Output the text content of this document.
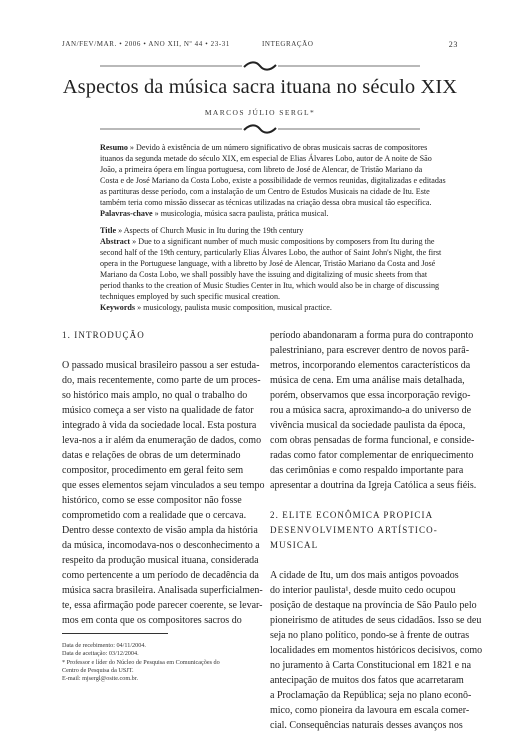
JAN/FEV/MAR. • 2006 • ANO XII, Nº 44 • 23-31	INTEGRAÇÃO	23
Aspectos da música sacra ituana no século XIX
MARCOS JÚLIO SERGL*
Resumo » Devido à existência de um número significativo de obras musicais sacras de compositores
ituanos da segunda metade do século XIX, em especial de Elias Álvares Lobo, autor de A noite de São
João, a primeira ópera em língua portuguesa, com libreto de José de Alencar, de Tristão Mariano da
Costa e de José Mariano da Costa Lobo, existe a possibilidade de vermos reunidas, digitalizadas e editadas
as partituras desse período, com a instalação de um Centro de Estudos Musicais na cidade de Itu. Este
também teria como missão dissecar as técnicas utilizadas na criação dessa obra musical tão específica.
Palavras-chave » musicologia, música sacra paulista, prática musical.
Title » Aspects of Church Music in Itu during the 19th century
Abstract » Due to a significant number of much music compositions by composers from Itu during the
second half of the 19th century, particularly Elias Álvares Lobo, the author of Saint John's Night, the first
opera in the Portuguese language, with a libretto by José de Alencar, Tristão Mariano da Costa and José
Mariano da Costa Lobo, we shall possibly have the issuing and digitalizing of music sheets from that
period thanks to the creation of Music Studies Center in Itu, which would also be in charge of discussing
techniques employed by such specific musical creation.
Keywords » musicology, paulista music composition, musical practice.
1. INTRODUÇÃO
O passado musical brasileiro passou a ser estuda-
do, mais recentemente, como parte de um proces-
so histórico mais amplo, no qual o trabalho do
músico começa a ser visto na qualidade de fator
integrado à vida da sociedade local. Esta postura
leva-nos a ir além da enumeração de dados, como
datas e relações de obras de um determinado
compositor, procedimento em geral feito sem
que esses elementos sejam vinculados a seu tempo
histórico, como se esse compositor não fosse
comprometido com a realidade que o cercava.
Dentro desse contexto de visão ampla da história
da música, incomodava-nos o desconhecimento a
respeito da produção musical ituana, considerada
como pertencente a um período de decadência da
música sacra brasileira. Analisada superficialmen-
te, essa afirmação pode parecer coerente, se levar-
mos em conta que os compositores sacros do
período abandonaram a forma pura do contraponto
palestriniano, para escrever dentro de novos parâ-
metros, incorporando elementos característicos da
música de cena. Em uma análise mais detalhada,
porém, observamos que essa incorporação revigo-
rou a música sacra, aproximando-a do universo de
vivência musical da sociedade paulista da época,
com obras pensadas de forma funcional, e conside-
radas como fator complementar de enriquecimento
das cerimônias e como respaldo importante para
apresentar a doutrina da Igreja Católica a seus fiéis.
2. ELITE ECONÔMICA PROPICIA
DESENVOLVIMENTO ARTÍSTICO-
MUSICAL
A cidade de Itu, um dos mais antigos povoados
do interior paulista¹, desde muito cedo ocupou
posição de destaque na província de São Paulo pelo
pioneirismo de atitudes de seus cidadãos. Isso se deu
seja no plano político, pondo-se à frente de outras
localidades em momentos históricos decisivos, como
no juramento à Carta Constitucional em 1821 e na
antecipação de muitos dos fatos que acarretaram
a Proclamação da República; seja no plano econô-
mico, como pioneira da lavoura em escala comer-
cial. Consequências naturais desses avanços nos
Data de recebimento: 04/11/2004.
Data de aceitação: 03/12/2004.
* Professor e líder do Núcleo de Pesquisa em Comunicações do
Centro de Pesquisa da USJT.
E-mail: mjsergl@osite.com.br.
